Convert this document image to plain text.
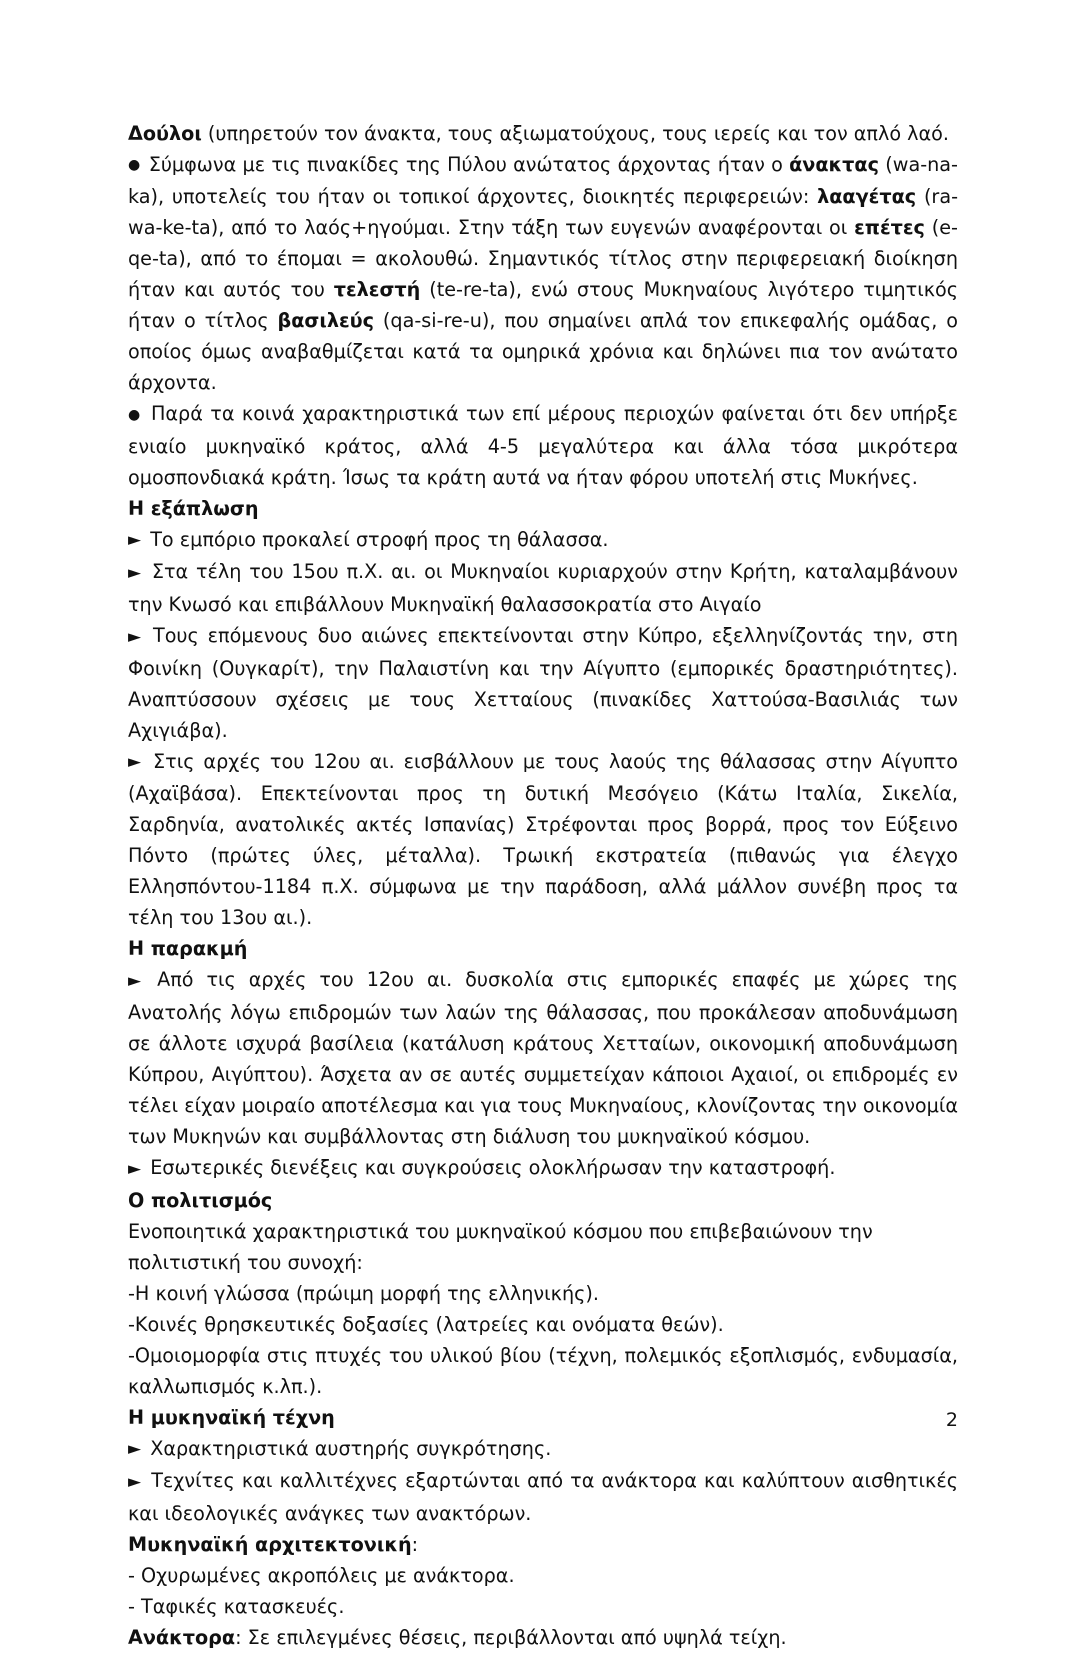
Δούλοι (υπηρετούν τον άνακτα, τους αξιωματούχους, τους ιερείς και τον απλό λαό.
● Σύμφωνα με τις πινακίδες της Πύλου ανώτατος άρχοντας ήταν ο άνακτας (wa-na-ka), υποτελείς του ήταν οι τοπικοί άρχοντες, διοικητές περιφερειών: λααγέτας (ra-wa-ke-ta), από το λαός+ηγούμαι. Στην τάξη των ευγενών αναφέρονται οι επέτες (e-qe-ta), από το έπομαι = ακολουθώ. Σημαντικός τίτλος στην περιφερειακή διοίκηση ήταν και αυτός του τελεστή (te-re-ta), ενώ στους Μυκηναίους λιγότερο τιμητικός ήταν ο τίτλος βασιλεύς (qa-si-re-u), που σημαίνει απλά τον επικεφαλής ομάδας, ο οποίος όμως αναβαθμίζεται κατά τα ομηρικά χρόνια και δηλώνει πια τον ανώτατο άρχοντα.
● Παρά τα κοινά χαρακτηριστικά των επί μέρους περιοχών φαίνεται ότι δεν υπήρξε ενιαίο μυκηναϊκό κράτος, αλλά 4-5 μεγαλύτερα και άλλα τόσα μικρότερα ομοσπονδιακά κράτη. Ίσως τα κράτη αυτά να ήταν φόρου υποτελή στις Μυκήνες.
Η εξάπλωση
► Το εμπόριο προκαλεί στροφή προς τη θάλασσα.
► Στα τέλη του 15ου π.Χ. αι. οι Μυκηναίοι κυριαρχούν στην Κρήτη, καταλαμβάνουν την Κνωσό και επιβάλλουν Μυκηναϊκή θαλασσοκρατία στο Αιγαίο
► Τους επόμενους δυο αιώνες επεκτείνονται στην Κύπρο, εξελληνίζοντάς την, στη Φοινίκη (Ουγκαρίτ), την Παλαιστίνη και την Αίγυπτο (εμπορικές δραστηριότητες). Αναπτύσσουν σχέσεις με τους Χετταίους (πινακίδες Χαττούσα-Βασιλιάς των Αχιγιάβα).
► Στις αρχές του 12ου αι. εισβάλλουν με τους λαούς της θάλασσας στην Αίγυπτο (Αχαϊβάσα). Επεκτείνονται προς τη δυτική Μεσόγειο (Κάτω Ιταλία, Σικελία, Σαρδηνία, ανατολικές ακτές Ισπανίας) Στρέφονται προς βορρά, προς τον Εύξεινο Πόντο (πρώτες ύλες, μέταλλα). Τρωική εκστρατεία (πιθανώς για έλεγχο Ελλησπόντου-1184 π.Χ. σύμφωνα με την παράδοση, αλλά μάλλον συνέβη προς τα τέλη του 13ου αι.).
Η παρακμή
► Από τις αρχές του 12ου αι. δυσκολία στις εμπορικές επαφές με χώρες της Ανατολής λόγω επιδρομών των λαών της θάλασσας, που προκάλεσαν αποδυνάμωση σε άλλοτε ισχυρά βασίλεια (κατάλυση κράτους Χετταίων, οικονομική αποδυνάμωση Κύπρου, Αιγύπτου). Άσχετα αν σε αυτές συμμετείχαν κάποιοι Αχαιοί, οι επιδρομές εν τέλει είχαν μοιραίο αποτέλεσμα και για τους Μυκηναίους, κλονίζοντας την οικονομία των Μυκηνών και συμβάλλοντας στη διάλυση του μυκηναϊκού κόσμου.
► Εσωτερικές διενέξεις και συγκρούσεις ολοκλήρωσαν την καταστροφή.
Ο πολιτισμός
Ενοποιητικά χαρακτηριστικά του μυκηναϊκού κόσμου που επιβεβαιώνουν την πολιτιστική του συνοχή:
-Η κοινή γλώσσα (πρώιμη μορφή της ελληνικής).
-Κοινές θρησκευτικές δοξασίες (λατρείες και ονόματα θεών).
-Ομοιομορφία στις πτυχές του υλικού βίου (τέχνη, πολεμικός εξοπλισμός, ενδυμασία, καλλωπισμός κ.λπ.).
Η μυκηναϊκή τέχνη
► Χαρακτηριστικά αυστηρής συγκρότησης.
► Τεχνίτες και καλλιτέχνες εξαρτώνται από τα ανάκτορα και καλύπτουν αισθητικές και ιδεολογικές ανάγκες των ανακτόρων.
Μυκηναϊκή αρχιτεκτονική:
- Οχυρωμένες ακροπόλεις με ανάκτορα.
- Ταφικές κατασκευές.
Ανάκτορα: Σε επιλεγμένες θέσεις, περιβάλλονται από υψηλά τείχη.
2
